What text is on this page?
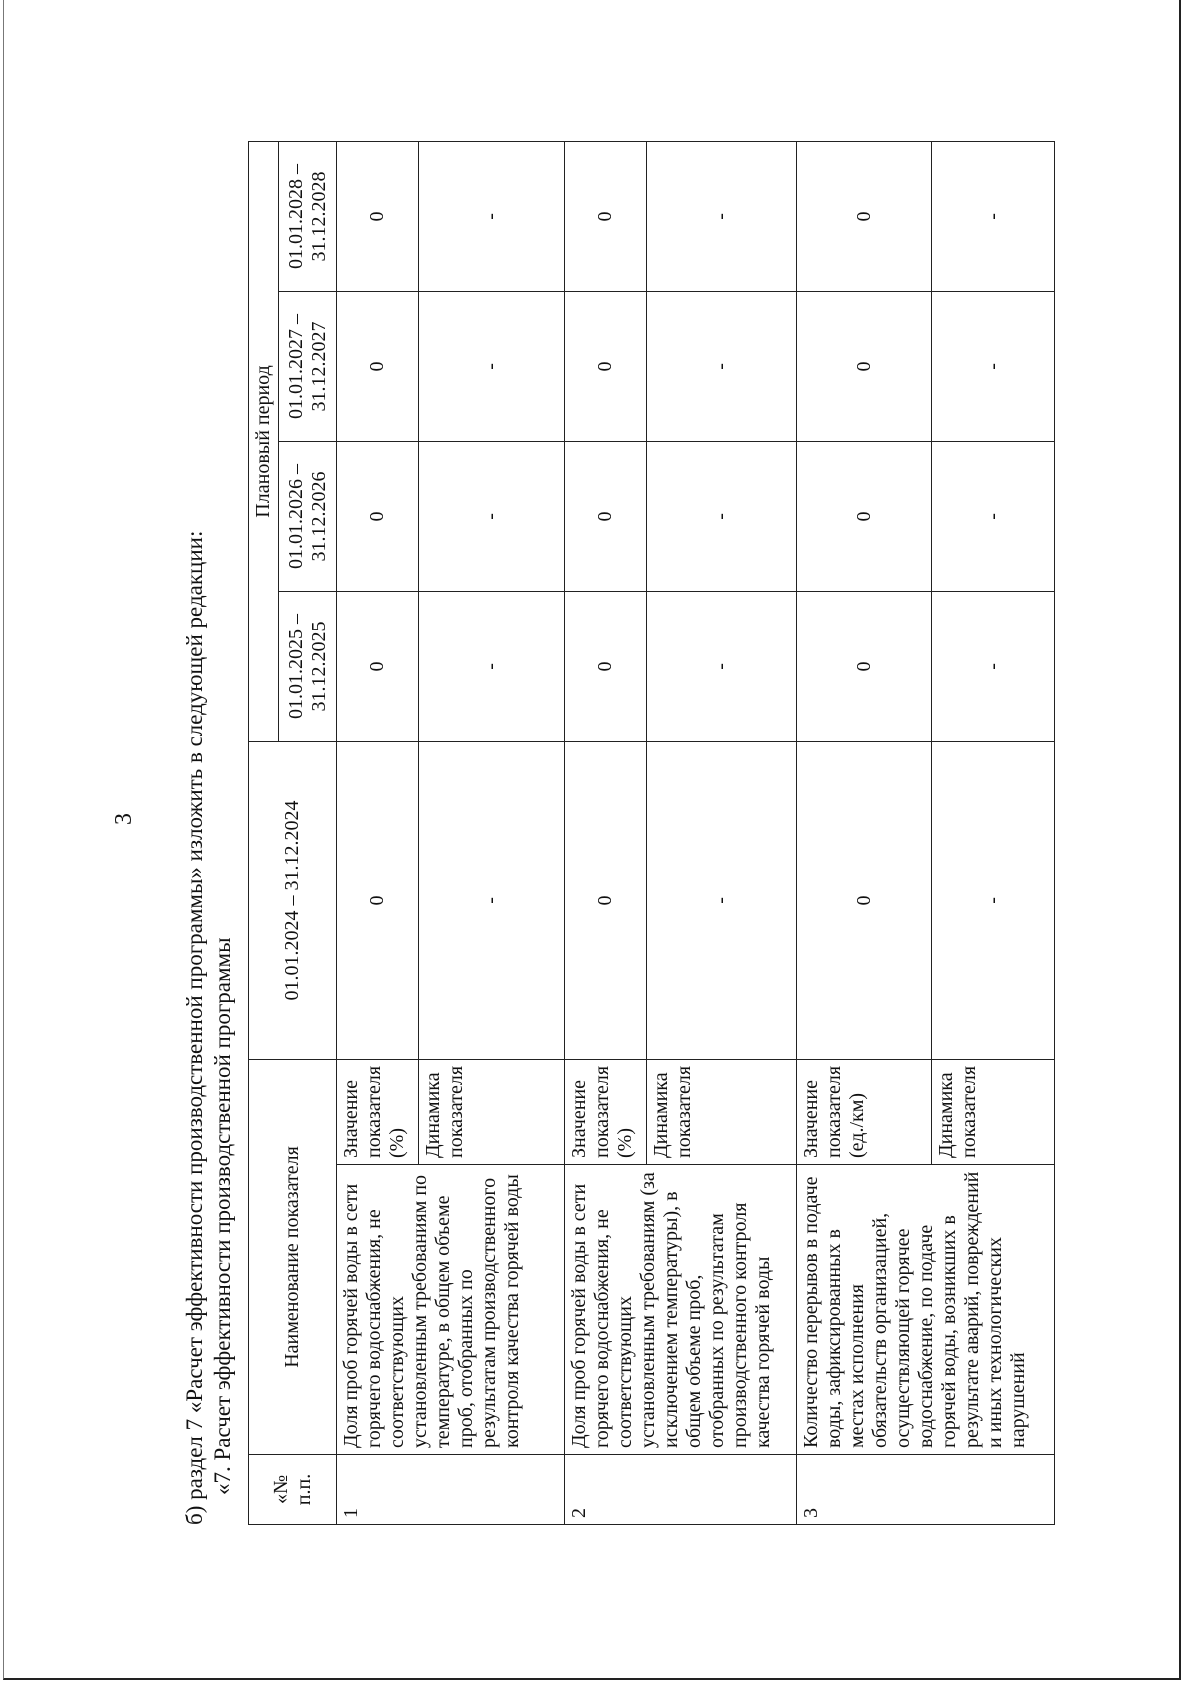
3 б) раздел 7 «Расчет эффективности производственной программы» изложить в следующей редакции: «7. Расчет эффективности производственной программы «№ п.п.	Наименование показателя		01.01.2024 – 31.12.2024	Плановый период			
				01.01.2025 – 31.12.2025	01.01.2026 – 31.12.2026	01.01.2027 – 31.12.2027	01.01.2028 – 31.12.2028
1	Доля проб горячей воды в сети горячего водоснабжения, не соответствующих установленным требованиям по температуре, в общем объеме проб, отобранных по результатам производственного контроля качества горячей воды	Значение показателя (%)	0	0	0	0	0
		Динамика показателя	-	-	-	-	-
2	Доля проб горячей воды в сети горячего водоснабжения, не соответствующих установленным требованиям (за исключением температуры), в общем объеме проб, отобранных по результатам производственного контроля качества горячей воды	Значение показателя (%)	0	0	0	0	0
		Динамика показателя	-	-	-	-	-
3	Количество перерывов в подаче воды, зафиксированных в местах исполнения обязательств организацией, осуществляющей горячее водоснабжение, по подаче горячей воды, возникших в результате аварий, повреждений и иных технологических нарушений	Значение показателя (ед./км)	0	0	0	0	0
		Динамика показателя	-	-	-	-	-
